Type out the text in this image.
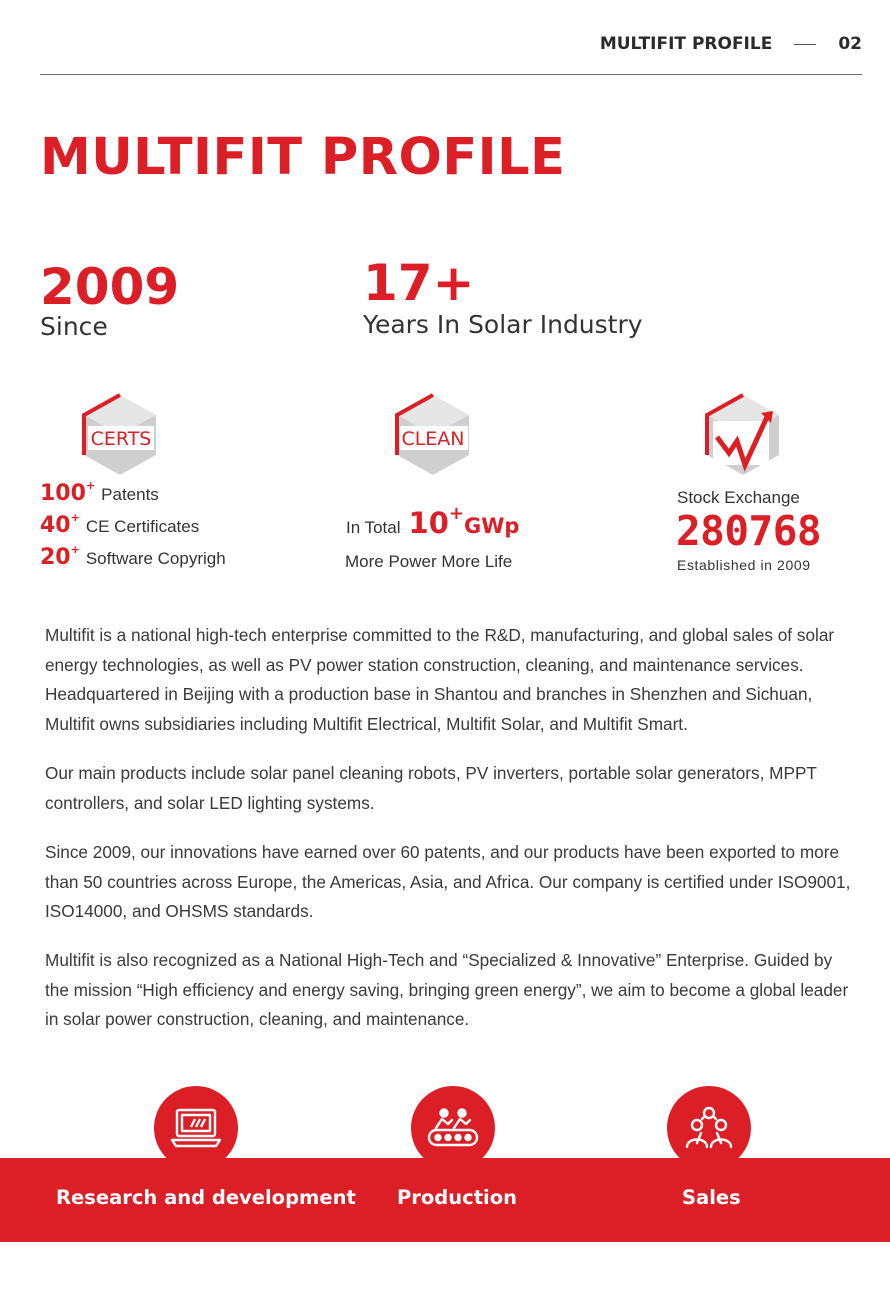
MULTIFIT PROFILE	02
MULTIFIT PROFILE
2009
Since
17+
Years In Solar Industry
CERTS	CLEAN
100+ Patents
40+ CE Certificates
20+ Software Copyrigh
In Total 10 +
GWp
More Power More Life
Stock Exchange
280768
Established in 2009

Multifit is a national high-tech enterprise committed to the R&D, manufacturing, and global sales of solar energy technologies, as well as PV power station construction, cleaning, and maintenance services. Headquartered in Beijing with a production base in Shantou and branches in Shenzhen and Sichuan, Multifit owns subsidiaries including Multifit Electrical, Multifit Solar, and Multifit Smart.

Our main products include solar panel cleaning robots, PV inverters, portable solar generators, MPPT controllers, and solar LED lighting systems.

Since 2009, our innovations have earned over 60 patents, and our products have been exported to more than 50 countries across Europe, the Americas, Asia, and Africa. Our company is certified under ISO9001, ISO14000, and OHSMS standards.

Multifit is also recognized as a National High-Tech and “Specialized & Innovative” Enterprise. Guided by the mission “High efficiency and energy saving, bringing green energy”, we aim to become a global leader in solar power construction, cleaning, and maintenance.

Research and development Production	Sales
